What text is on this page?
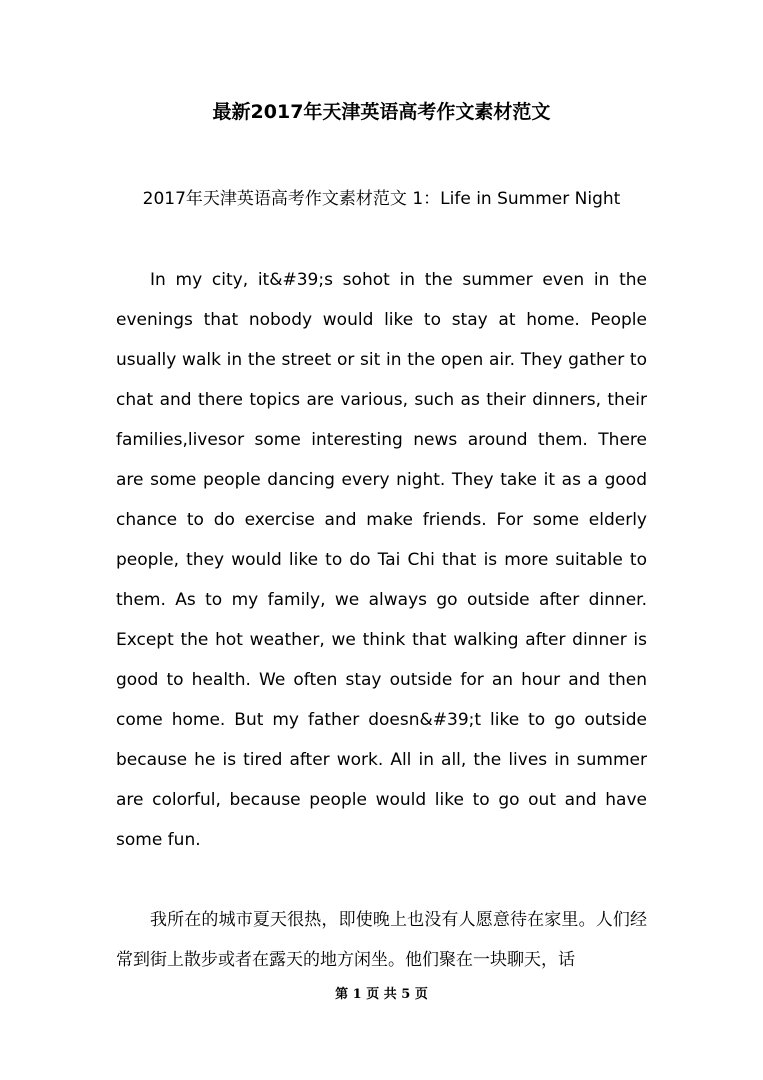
最新2017年天津英语高考作文素材范文
2017年天津英语高考作文素材范文 1：Life in Summer Night

In my city, it&#39;s sohot in the summer even in the evenings that nobody would like to stay at home. People usually walk in the street or sit in the open air. They gather to chat and there topics are various, such as their dinners, their families,livesor some interesting news around them. There are some people dancing every night. They take it as a good chance to do exercise and make friends. For some elderly people, they would like to do Tai Chi that is more suitable to them. As to my family, we always go outside after dinner. Except the hot weather, we think that walking after dinner is good to health. We often stay outside for an hour and then come home. But my father doesn&#39;t like to go outside because he is tired after work. All in all, the lives in summer are colorful, because people would like to go out and have some fun.

我所在的城市夏天很热，即使晚上也没有人愿意待在家里。人们经常到街上散步或者在露天的地方闲坐。他们聚在一块聊天，话

第 1 页 共 5 页
